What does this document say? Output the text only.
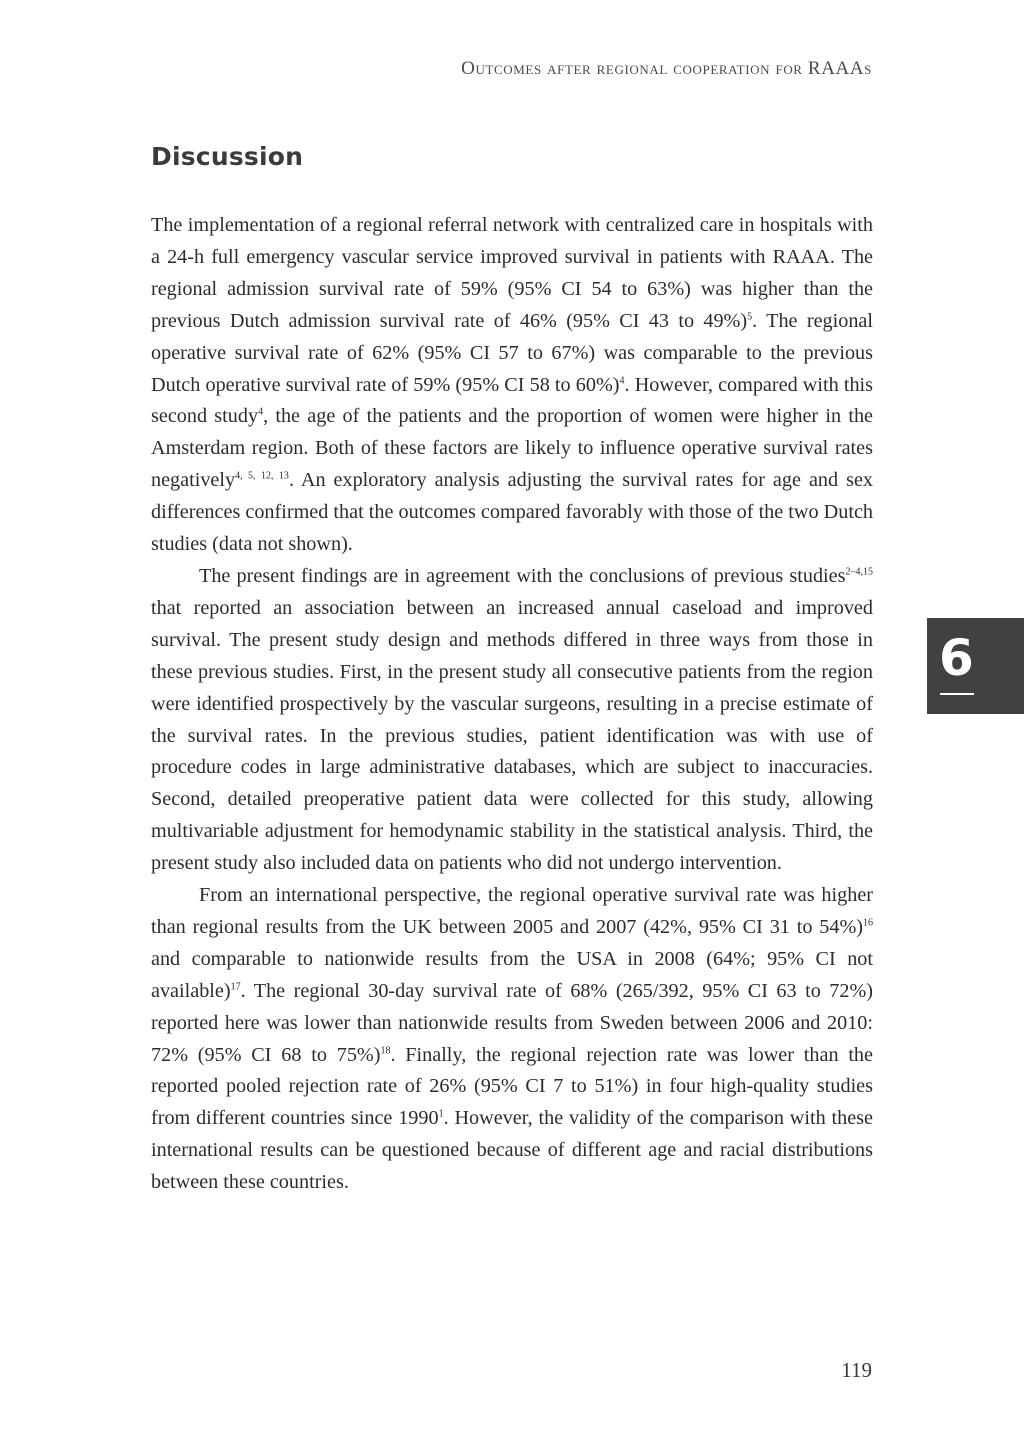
Outcomes after regional cooperation for RAAAs
Discussion

The implementation of a regional referral network with centralized care in hospitals with a 24-h full emergency vascular service improved survival in patients with RAAA. The regional admission survival rate of 59% (95% CI 54 to 63%) was higher than the previous Dutch admission survival rate of 46% (95% CI 43 to 49%)$^5$. The regional operative survival rate of 62% (95% CI 57 to 67%) was comparable to the previous Dutch operative survival rate of 59% (95% CI 58 to 60%)$^4$. However, compared with this second study$^4$, the age of the patients and the proportion of women were higher in the Amsterdam region. Both of these factors are likely to influence operative survival rates negatively$^{4, 5, 12, 13}$. An exploratory analysis adjusting the survival rates for age and sex differences confirmed that the outcomes compared favorably with those of the two Dutch studies (data not shown).

The present findings are in agreement with the conclusions of previous studies$^{2-4,15}$ that reported an association between an increased annual caseload and improved survival. The present study design and methods differed in three ways from those in these previous studies. First, in the present study all consecutive patients from the region were identified prospectively by the vascular surgeons, resulting in a precise estimate of the survival rates. In the previous studies, patient identification was with use of procedure codes in large administrative databases, which are subject to inaccuracies. Second, detailed preoperative patient data were collected for this study, allowing multivariable adjustment for hemodynamic stability in the statistical analysis. Third, the present study also included data on patients who did not undergo intervention.

From an international perspective, the regional operative survival rate was higher than regional results from the UK between 2005 and 2007 (42%, 95% CI 31 to 54%)$^{16}$ and comparable to nationwide results from the USA in 2008 (64%; 95% CI not available)$^{17}$. The regional 30-day survival rate of 68% (265/392, 95% CI 63 to 72%) reported here was lower than nationwide results from Sweden between 2006 and 2010: 72% (95% CI 68 to 75%)$^{18}$. Finally, the regional rejection rate was lower than the reported pooled rejection rate of 26% (95% CI 7 to 51%) in four high-quality studies from different countries since 1990$^1$. However, the validity of the comparison with these international results can be questioned because of different age and racial distributions between these countries.

6
119
